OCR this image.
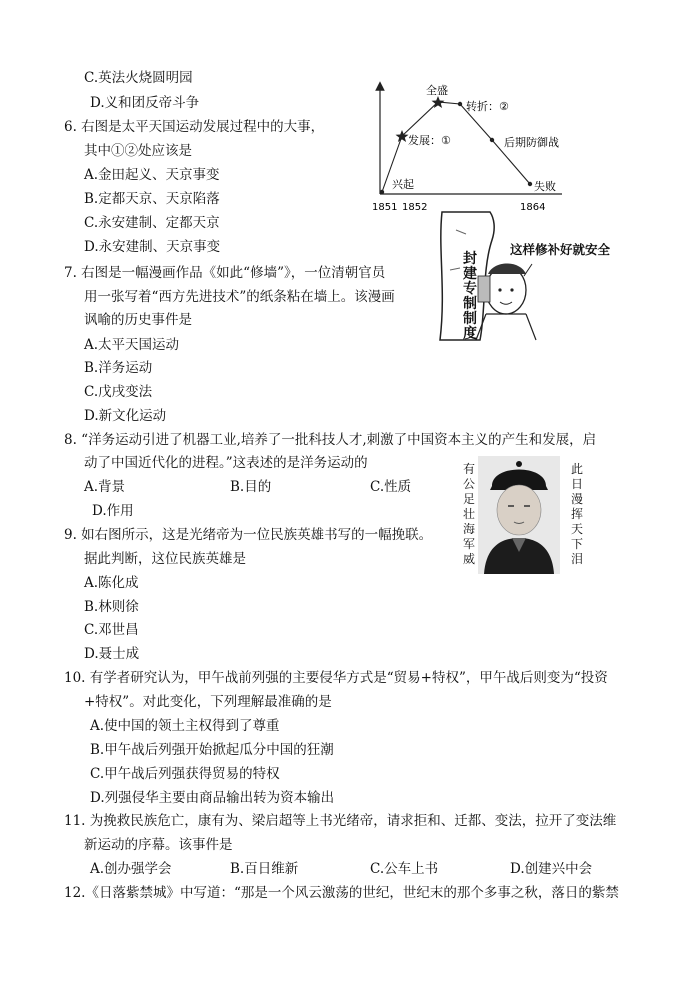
C.英法火烧圆明园
D.义和团反帝斗争
6. 右图是太平天国运动发展过程中的大事，
其中①②处应该是
A.金田起义、天京事变
B.定都天京、天京陷落
C.永安建制、定都天京
D.永安建制、天京事变
兴起
发展：①
全盛
转折：②
后期防御战
失败
1851 1852	1864
7. 右图是一幅漫画作品《如此“修墙”》，一位清朝官员
用一张写着“西方先进技术”的纸条粘在墙上。该漫画
讽喻的历史事件是
A.太平天国运动
B.洋务运动
C.戊戌变法
D.新文化运动
这样修补好就安全
封
建
专
制
制
度
8. “洋务运动引进了机器工业,培养了一批科技人才,刺激了中国资本主义的产生和发展，启
动了中国近代化的进程。”这表述的是洋务运动的
A.背景	B.目的	C.性质
D.作用
9. 如右图所示，这是光绪帝为一位民族英雄书写的一幅挽联。
据此判断，这位民族英雄是
A.陈化成
B.林则徐
C.邓世昌
D.聂士成
有
公
足
壮
海
军
威
此
日
漫
挥
天
下
泪
10. 有学者研究认为，甲午战前列强的主要侵华方式是“贸易+特权”，甲午战后则变为“投资
+特权”。对此变化，下列理解最准确的是
A.使中国的领土主权得到了尊重
B.甲午战后列强开始掀起瓜分中国的狂潮
C.甲午战后列强获得贸易的特权
D.列强侵华主要由商品输出转为资本输出
11. 为挽救民族危亡，康有为、梁启超等上书光绪帝，请求拒和、迁都、变法，拉开了变法维
新运动的序幕。该事件是
A.创办强学会	B.百日维新	C.公车上书	D.创建兴中会
12.《日落紫禁城》中写道：“那是一个风云激荡的世纪，世纪末的那个多事之秋，落日的紫禁
